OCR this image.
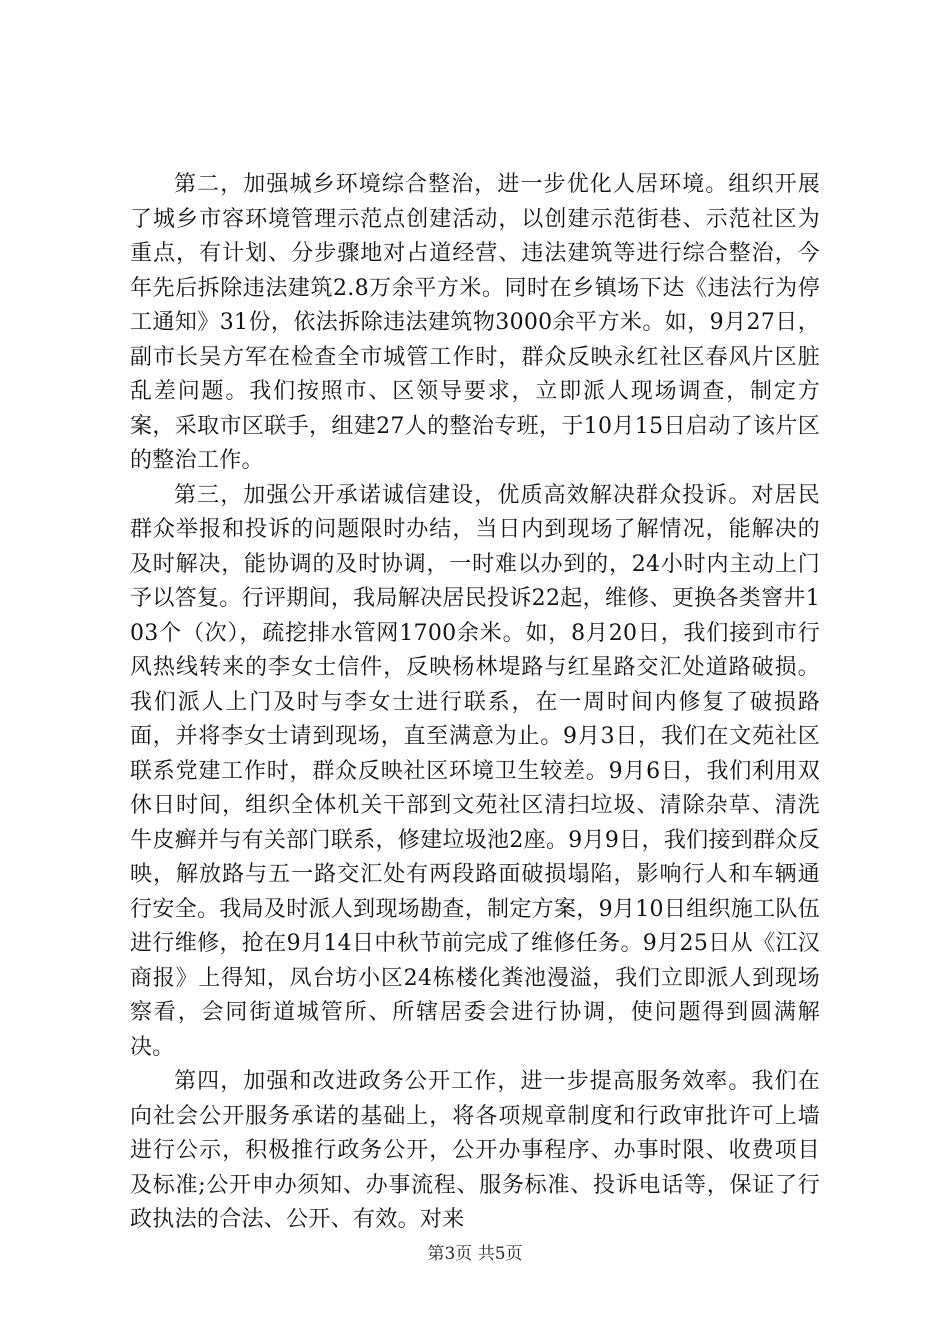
第二，加强城乡环境综合整治，进一步优化人居环境。组织开展了城乡市容环境管理示范点创建活动，以创建示范街巷、示范社区为重点，有计划、分步骤地对占道经营、违法建筑等进行综合整治，今年先后拆除违法建筑2.8万余平方米。同时在乡镇场下达《违法行为停工通知》31份，依法拆除违法建筑物3000余平方米。如，9月27日，副市长吴方军在检查全市城管工作时，群众反映永红社区春风片区脏乱差问题。我们按照市、区领导要求，立即派人现场调查，制定方案，采取市区联手，组建27人的整治专班，于10月15日启动了该片区的整治工作。

第三，加强公开承诺诚信建设，优质高效解决群众投诉。对居民群众举报和投诉的问题限时办结，当日内到现场了解情况，能解决的及时解决，能协调的及时协调，一时难以办到的，24小时内主动上门予以答复。行评期间，我局解决居民投诉22起，维修、更换各类窨井103个（次），疏挖排水管网1700余米。如，8月20日，我们接到市行风热线转来的李女士信件，反映杨林堤路与红星路交汇处道路破损。我们派人上门及时与李女士进行联系，在一周时间内修复了破损路面，并将李女士请到现场，直至满意为止。9月3日，我们在文苑社区联系党建工作时，群众反映社区环境卫生较差。9月6日，我们利用双休日时间，组织全体机关干部到文苑社区清扫垃圾、清除杂草、清洗牛皮癣并与有关部门联系，修建垃圾池2座。9月9日，我们接到群众反映，解放路与五一路交汇处有两段路面破损塌陷，影响行人和车辆通行安全。我局及时派人到现场勘查，制定方案，9月10日组织施工队伍进行维修，抢在9月14日中秋节前完成了维修任务。9月25日从《江汉商报》上得知，凤台坊小区24栋楼化粪池漫溢，我们立即派人到现场察看，会同街道城管所、所辖居委会进行协调，使问题得到圆满解决。

第四，加强和改进政务公开工作，进一步提高服务效率。我们在向社会公开服务承诺的基础上，将各项规章制度和行政审批许可上墙进行公示，积极推行政务公开，公开办事程序、办事时限、收费项目及标准;公开申办须知、办事流程、服务标准、投诉电话等，保证了行政执法的合法、公开、有效。对来

第3页 共5页
